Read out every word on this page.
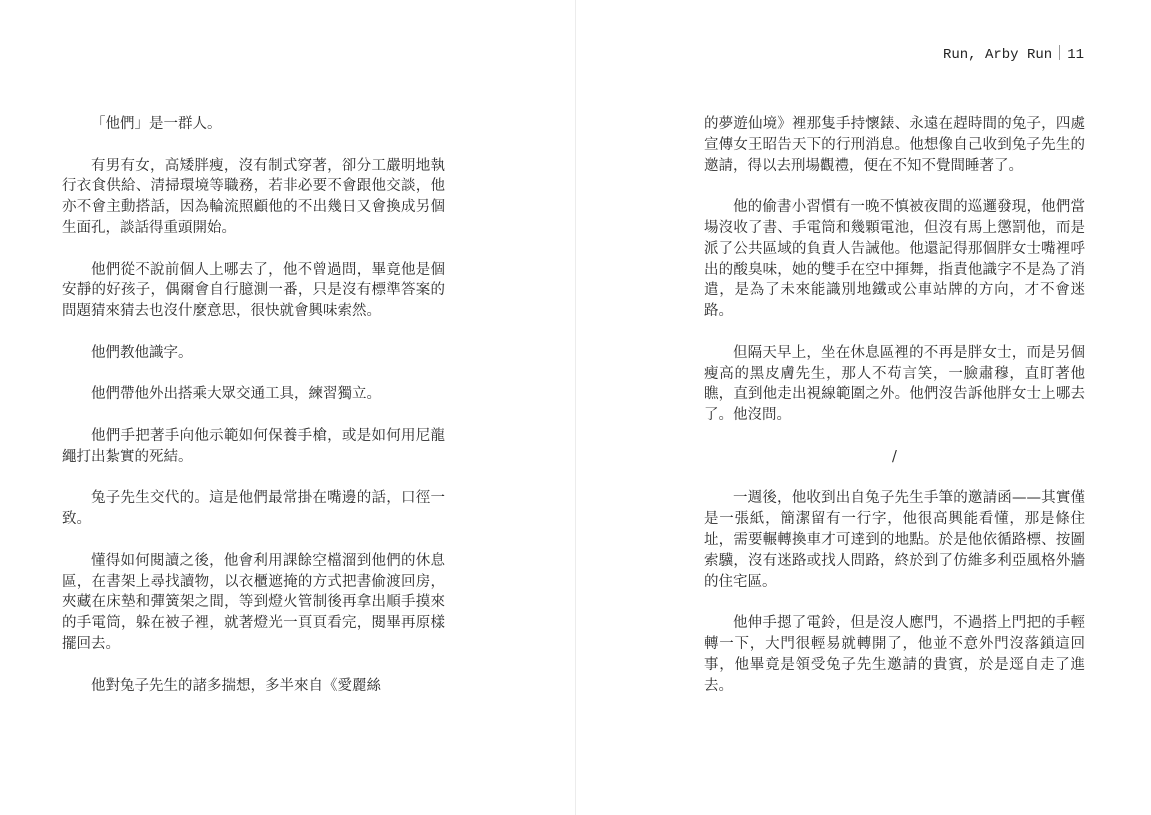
「他們」是一群人。

有男有女，高矮胖瘦，沒有制式穿著，卻分工嚴明地執行衣食供給、清掃環境等職務，若非必要不會跟他交談，他亦不會主動搭話，因為輪流照顧他的不出幾日又會換成另個生面孔，談話得重頭開始。

他們從不說前個人上哪去了，他不曾過問，畢竟他是個安靜的好孩子，偶爾會自行臆測一番，只是沒有標準答案的問題猜來猜去也沒什麼意思，很快就會興味索然。

他們教他識字。

他們帶他外出搭乘大眾交通工具，練習獨立。

他們手把著手向他示範如何保養手槍，或是如何用尼龍繩打出紮實的死結。

兔子先生交代的。這是他們最常掛在嘴邊的話，口徑一致。

懂得如何閱讀之後，他會利用課餘空檔溜到他們的休息區，在書架上尋找讀物，以衣櫃遮掩的方式把書偷渡回房，夾藏在床墊和彈簧架之間，等到燈火管制後再拿出順手摸來的手電筒，躲在被子裡，就著燈光一頁頁看完，閱畢再原樣擺回去。

他對兔子先生的諸多揣想，多半來自《愛麗絲

Run, Arby Run 11

的夢遊仙境》裡那隻手持懷錶、永遠在趕時間的兔子，四處宣傳女王昭告天下的行刑消息。他想像自己收到兔子先生的邀請，得以去刑場觀禮，便在不知不覺間睡著了。

他的偷書小習慣有一晚不慎被夜間的巡邏發現，他們當場沒收了書、手電筒和幾顆電池，但沒有馬上懲罰他，而是派了公共區域的負責人告誡他。他還記得那個胖女士嘴裡呼出的酸臭味，她的雙手在空中揮舞，指責他識字不是為了消遣，是為了未來能識別地鐵或公車站牌的方向，才不會迷路。

但隔天早上，坐在休息區裡的不再是胖女士，而是另個瘦高的黑皮膚先生，那人不苟言笑，一臉肅穆，直盯著他瞧，直到他走出視線範圍之外。他們沒告訴他胖女士上哪去了。他沒問。

/

一週後，他收到出自兔子先生手筆的邀請函——其實僅是一張紙，簡潔留有一行字，他很高興能看懂，那是條住址，需要輾轉換車才可達到的地點。於是他依循路標、按圖索驥，沒有迷路或找人問路，終於到了仿維多利亞風格外牆的住宅區。

他伸手摁了電鈴，但是沒人應門，不過搭上門把的手輕轉一下，大門很輕易就轉開了，他並不意外門沒落鎖這回事，他畢竟是領受兔子先生邀請的貴賓，於是逕自走了進去。
